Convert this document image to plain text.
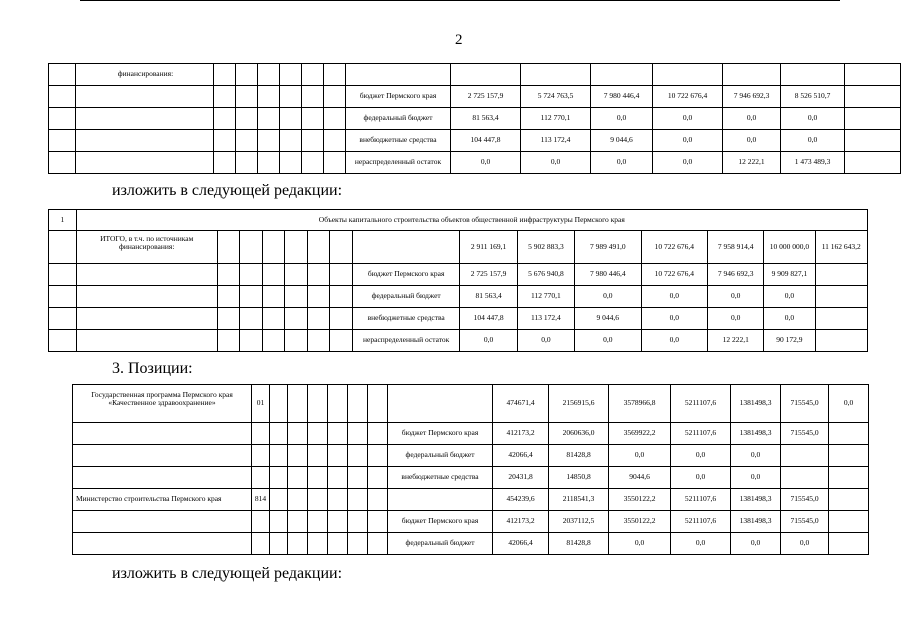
2
	финансирования:														
								бюджет Пермского края	2 725 157,9	5 724 763,5	7 980 446,4	10 722 676,4	7 946 692,3	8 526 510,7	
								федеральный бюджет	81 563,4	112 770,1	0,0	0,0	0,0	0,0	
								внебюджетные средства	104 447,8	113 172,4	9 044,6	0,0	0,0	0,0	
								нераспределенный остаток	0,0	0,0	0,0	0,0	12 222,1	1 473 489,3	
изложить в следующей редакции:
1	Объекты капитального строительства объектов общественной инфраструктуры Пермского края														
	ИТОГО, в т.ч. по источникам финансирования:								2 911 169,1	5 902 883,3	7 989 491,0	10 722 676,4	7 958 914,4	10 000 000,0	11 162 643,2
								бюджет Пермского края	2 725 157,9	5 676 940,8	7 980 446,4	10 722 676,4	7 946 692,3	9 909 827,1	
								федеральный бюджет	81 563,4	112 770,1	0,0	0,0	0,0	0,0	
								внебюджетные средства	104 447,8	113 172,4	9 044,6	0,0	0,0	0,0	
								нераспределенный остаток	0,0	0,0	0,0	0,0	12 222,1	90 172,9	
3. Позиции:
Государственная программа Пермского края «Качественное здравоохранение»	01								474671,4	2156915,6	3578966,8	5211107,6	1381498,3	715545,0	0,0
								бюджет Пермского края	412173,2	2060636,0	3569922,2	5211107,6	1381498,3	715545,0	
								федеральный бюджет	42066,4	81428,8	0,0	0,0	0,0		
								внебюджетные средства	20431,8	14850,8	9044,6	0,0	0,0		
Министерство строительства Пермского края	814								454239,6	2118541,3	3550122,2	5211107,6	1381498,3	715545,0	
								бюджет Пермского края	412173,2	2037112,5	3550122,2	5211107,6	1381498,3	715545,0	
								федеральный бюджет	42066,4	81428,8	0,0	0,0	0,0	0,0	
изложить в следующей редакции:
